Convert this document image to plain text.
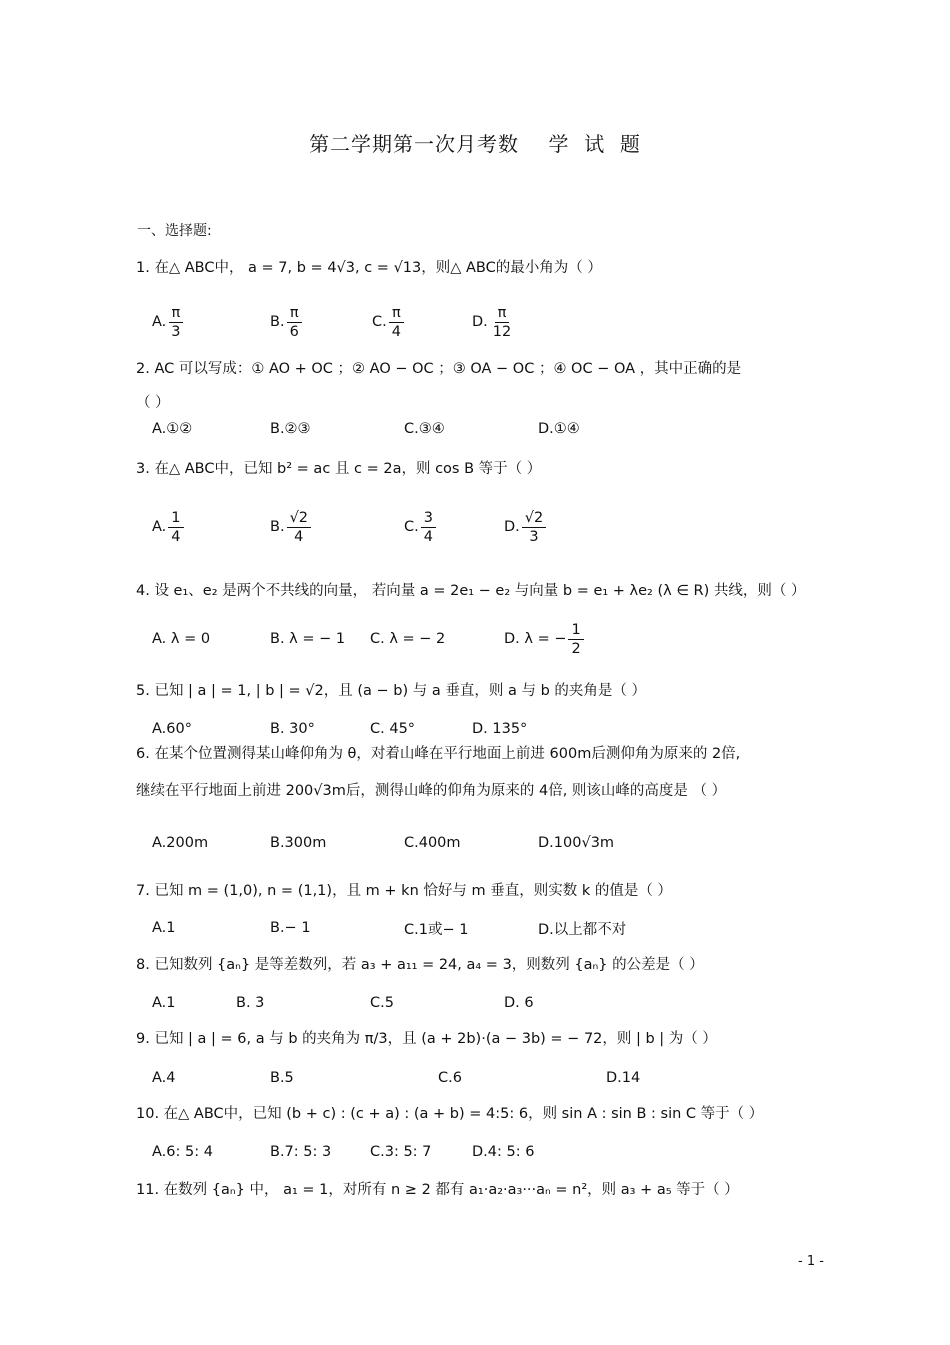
第二学期第一次月考数    学  试  题
一、选择题:
1. 在△ ABC中， a = 7, b = 4√3, c = √13，则△ ABC的最小角为（ ）
A. $\frac{\pi}{3}$	B. $\frac{\pi}{6}$	C. $\frac{\pi}{4}$	D. $\frac{\pi}{12}$
2. AC 可以写成：① AO + OC ；② AO − OC ；③ OA − OC ；④ OC − OA ，其中正确的是
（ ）
A.①②	B.②③	C.③④	D.①④
3. 在△ ABC中，已知 b² = ac 且 c = 2a，则 cos B 等于（ ）
A. $\frac{1}{4}$	B. $\frac{√2}{4}$	C. $\frac{3}{4}$	D. $\frac{√2}{3}$
4. 设 e₁、e₂ 是两个不共线的向量， 若向量 a = 2e₁ − e₂ 与向量 b = e₁ + λe₂ (λ ∈ R) 共线，则（ ）
A. λ = 0	B. λ = − 1 C. λ = − 2	D. λ = − $\frac{1}{2}$
5. 已知 | a | = 1, | b | = √2，且 (a − b) 与 a 垂直，则 a 与 b 的夹角是（ ）
A.60°	B. 30°	C. 45°	D. 135°
6. 在某个位置测得某山峰仰角为 θ，对着山峰在平行地面上前进 600m后测仰角为原来的 2倍,
继续在平行地面上前进 200√3m后，测得山峰的仰角为原来的 4倍, 则该山峰的高度是 （ ）
A.200m	B.300m	C.400m	D.100√3m
7. 已知 m = (1,0), n = (1,1)，且 m + kn 恰好与 m 垂直，则实数 k 的值是（ ）
A.1	B.− 1	C.1或− 1	D.以上都不对
8. 已知数列 {aₙ} 是等差数列，若 a₃ + a₁₁ = 24, a₄ = 3，则数列 {aₙ} 的公差是（ ）
A.1	B. 3	C.5	D. 6
9. 已知 | a | = 6, a 与 b 的夹角为 π/3，且 (a + 2b)·(a − 3b) = − 72，则 | b | 为（ ）
A.4	B.5	C.6	D.14
10. 在△ ABC中，已知 (b + c) : (c + a) : (a + b) = 4:5: 6，则 sin A : sin B : sin C 等于（ ）
A.6: 5: 4	B.7: 5: 3	C.3: 5: 7	D.4: 5: 6
11. 在数列 {aₙ} 中， a₁ = 1，对所有 n ≥ 2 都有 a₁·a₂·a₃···aₙ = n²，则 a₃ + a₅ 等于（ ）
- 1 -
